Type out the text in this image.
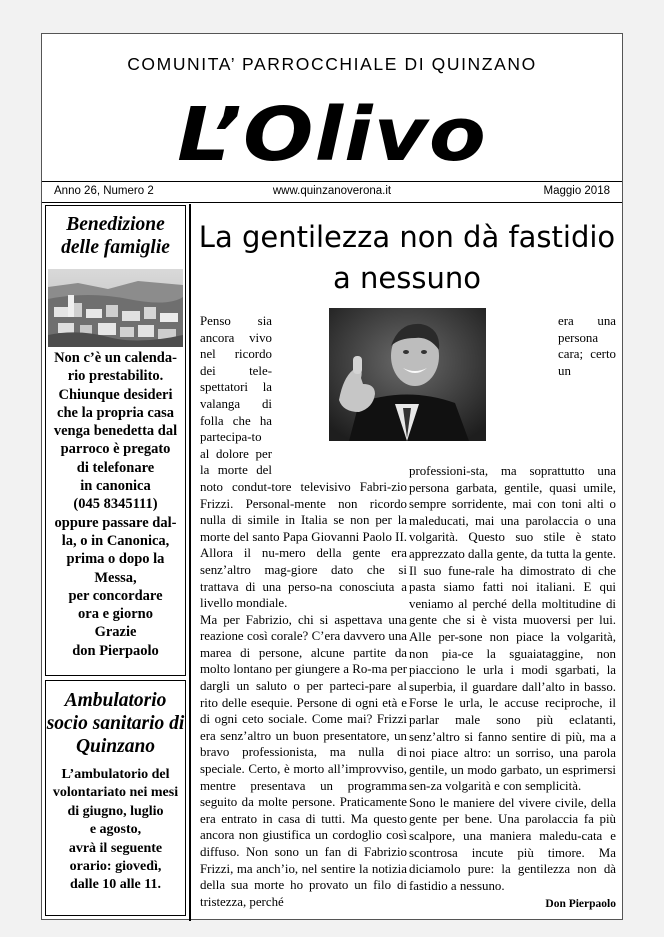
COMUNITA’ PARROCCHIALE DI QUINZANO
L’Olivo
Anno 26, Numero 2	www.quinzanoverona.it	Maggio 2018
Benedizione delle famiglie
Non c’è un calenda-
rio prestabilito.
Chiunque desideri
che la propria casa
venga benedetta dal
parroco è pregato
di telefonare
in canonica
(045 8345111)
oppure passare dal-
la, o in Canonica,
prima o dopo la
Messa,
per concordare
ora e giorno
Grazie
don Pierpaolo
Ambulatorio socio sanitario di Quinzano
L’ambulatorio del
volontariato nei mesi
di giugno, luglio
e agosto,
avrà il seguente
orario: giovedì,
dalle 10 alle 11.
La gentilezza non dà fastidio a nessuno

Penso sia ancora vivo nel ricordo dei tele-spettatori la valanga di folla che ha partecipa-to al dolore per la morte del noto condut-tore televisivo Fabri-zio Frizzi. Personal-mente non ricordo nulla di simile in Italia se non per la morte del santo Papa Giovanni Paolo II. Allora il nu-mero della gente era senz’altro mag-giore dato che si trattava di una perso-na conosciuta a livello mondiale.

Ma per Fabrizio, chi si aspettava una reazione così corale? C’era davvero una marea di persone, alcune partite da molto lontano per giungere a Ro-ma per dargli un saluto o per parteci-pare al rito delle esequie. Persone di ogni età e di ogni ceto sociale. Come mai? Frizzi era senz’altro un buon presentatore, un bravo professionista, ma nulla di speciale. Certo, è morto all’improvviso, mentre presentava un programma seguito da molte persone. Praticamente era entrato in casa di tutti. Ma questo ancora non giustifica un cordoglio così diffuso. Non sono un fan di Fabrizio Frizzi, ma anch’io, nel sentire la notizia della sua morte ho provato un filo di tristezza, perché

era una persona cara; certo un professioni-sta, ma soprattutto una persona garbata, gentile, quasi umile, sempre sorridente, mai con toni alti o maleducati, mai una parolaccia o una volgarità. Questo suo stile è stato apprezzato dalla gente, da tutta la gente. Il suo fune-rale ha dimostrato di che pasta siamo fatti noi italiani. E qui veniamo al perché della moltitudine di gente che si è vista muoversi per lui. Alle per-sone non piace la volgarità, non pia-ce la sguaiataggine, non piacciono le urla i modi sgarbati, la superbia, il guardare dall’alto in basso. Forse le urla, le accuse reciproche, il parlar male sono più eclatanti, senz’altro si fanno sentire di più, ma a noi piace altro: un sorriso, una parola gentile, un modo garbato, un esprimersi sen-za volgarità e con semplicità.

Sono le maniere del vivere civile, della gente per bene. Una parolaccia fa più scalpore, una maniera maledu-cata e scontrosa incute più timore. Ma diciamolo pure: la gentilezza non dà fastidio a nessuno.

Don Pierpaolo
